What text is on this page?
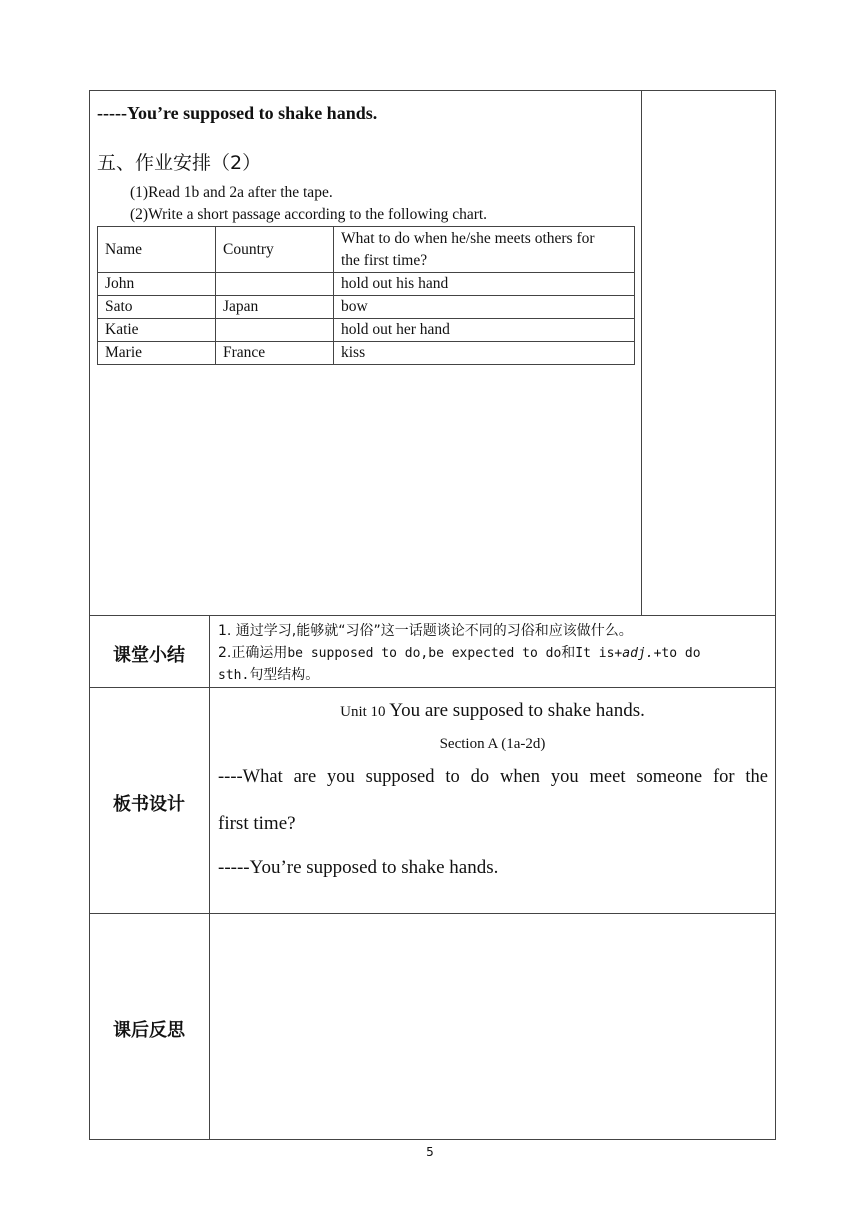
-----You’re supposed to shake hands.
五、作业安排（2）
(1)Read 1b and 2a after the tape.
(2)Write a short passage according to the following chart.
Name	Country	What to do when he/she meets others for
the first time?

John		hold out his hand
Sato	Japan	bow
Katie		hold out her hand
Marie	France	kiss
课堂小结
1. 通过学习,能够就“习俗”这一话题谈论不同的习俗和应该做什么。
2.正确运用be supposed to do,be expected to do和It is+adj.+to do
sth.句型结构。
板书设计
Unit 10 You are supposed to shake hands.
Section A (1a-2d)
----What are you supposed to do when you meet someone for the
first time?
-----You’re supposed to shake hands.
课后反思
5
